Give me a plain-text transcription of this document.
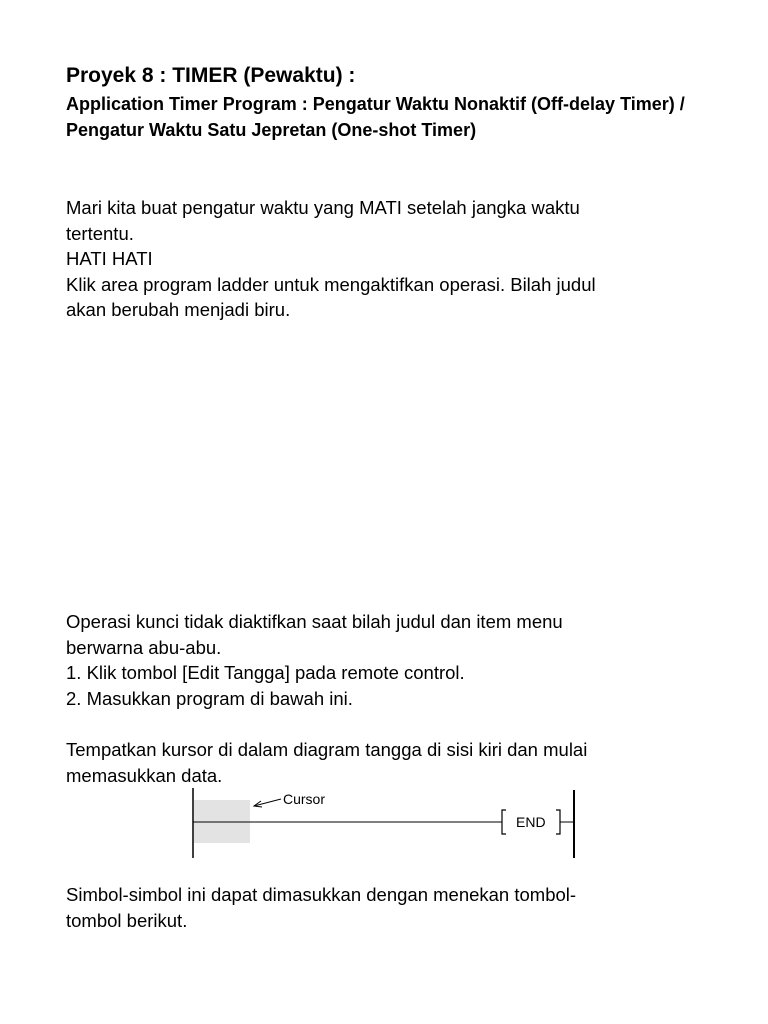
Proyek 8 : TIMER (Pewaktu) :
Application Timer Program : Pengatur Waktu Nonaktif (Off-delay Timer) / Pengatur Waktu Satu Jepretan (One-shot Timer)
Mari kita buat pengatur waktu yang MATI setelah jangka waktu
tertentu.
HATI HATI
Klik area program ladder untuk mengaktifkan operasi. Bilah judul
akan berubah menjadi biru.
Operasi kunci tidak diaktifkan saat bilah judul dan item menu
berwarna abu-abu.
1. Klik tombol [Edit Tangga] pada remote control.
2. Masukkan program di bawah ini.
Tempatkan kursor di dalam diagram tangga di sisi kiri dan mulai
memasukkan data.
END
Cursor
Simbol-simbol ini dapat dimasukkan dengan menekan tombol-
tombol berikut.
